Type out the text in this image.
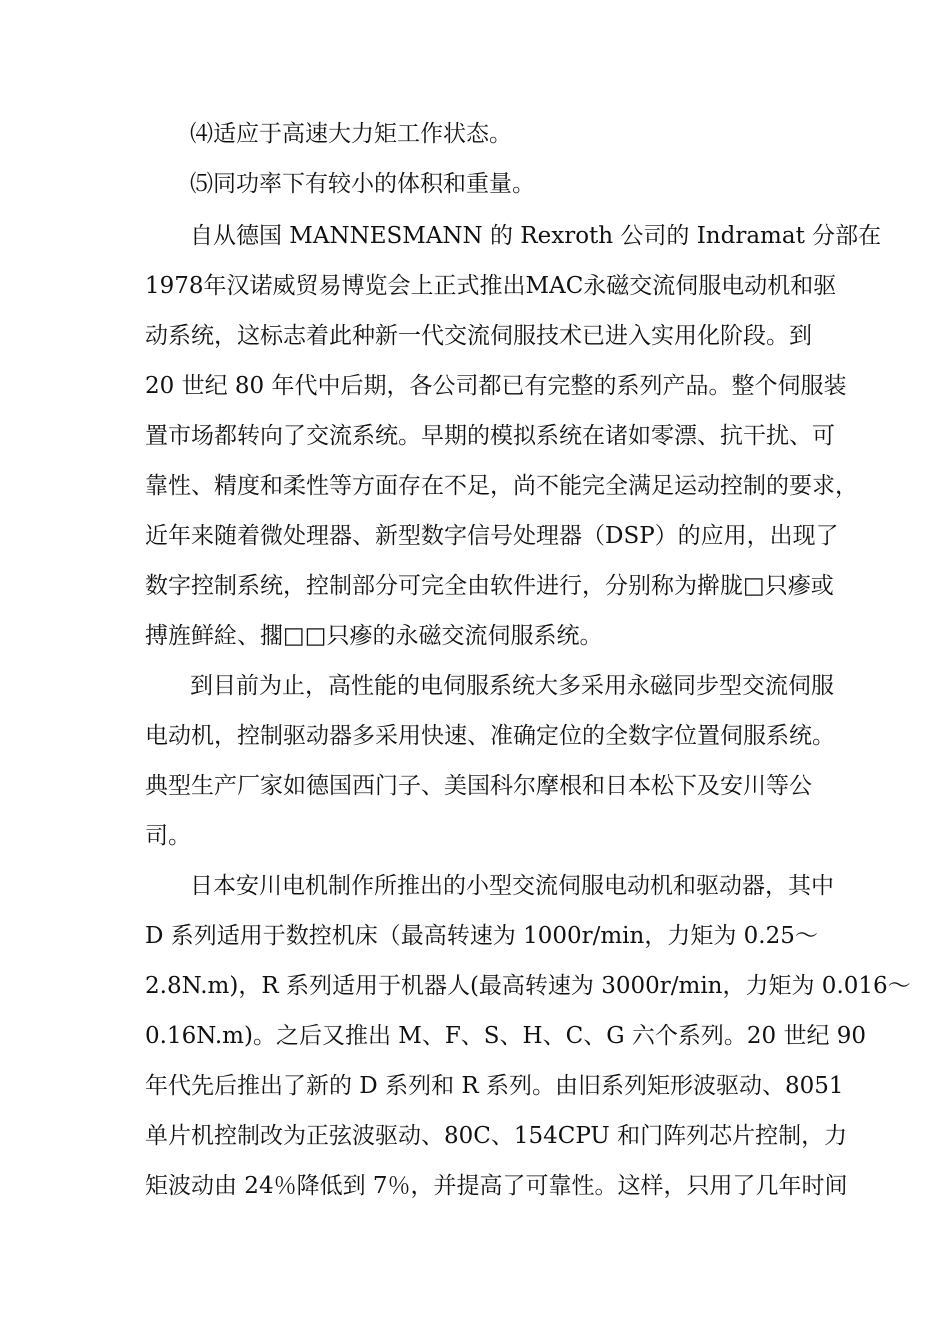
⑷适应于高速大力矩工作状态。
⑸同功率下有较小的体积和重量。
自从德国 MANNESMANN 的 Rexroth 公司的 Indramat 分部在
1978年汉诺威贸易博览会上正式推出MAC永磁交流伺服电动机和驱
动系统，这标志着此种新一代交流伺服技术已进入实用化阶段。到
20 世纪 80 年代中后期，各公司都已有完整的系列产品。整个伺服装
置市场都转向了交流系统。早期的模拟系统在诸如零漂、抗干扰、可
靠性、精度和柔性等方面存在不足，尚不能完全满足运动控制的要求，
近年来随着微处理器、新型数字信号处理器（DSP）的应用，出现了
数字控制系统，控制部分可完全由软件进行，分别称为擀胧□只瘮或
搏旌鲜絟、擱□□只瘮的永磁交流伺服系统。
到目前为止，高性能的电伺服系统大多采用永磁同步型交流伺服
电动机，控制驱动器多采用快速、准确定位的全数字位置伺服系统。
典型生产厂家如德国西门子、美国科尔摩根和日本松下及安川等公
司。
日本安川电机制作所推出的小型交流伺服电动机和驱动器，其中
D 系列适用于数控机床（最高转速为 1000r/min，力矩为 0.25～
2.8N.m)，R 系列适用于机器人(最高转速为 3000r/min，力矩为 0.016～
0.16N.m)。之后又推出 M、F、S、H、C、G 六个系列。20 世纪 90
年代先后推出了新的 D 系列和 R 系列。由旧系列矩形波驱动、8051
单片机控制改为正弦波驱动、80C、154CPU 和门阵列芯片控制，力
矩波动由 24％降低到 7％，并提高了可靠性。这样，只用了几年时间
